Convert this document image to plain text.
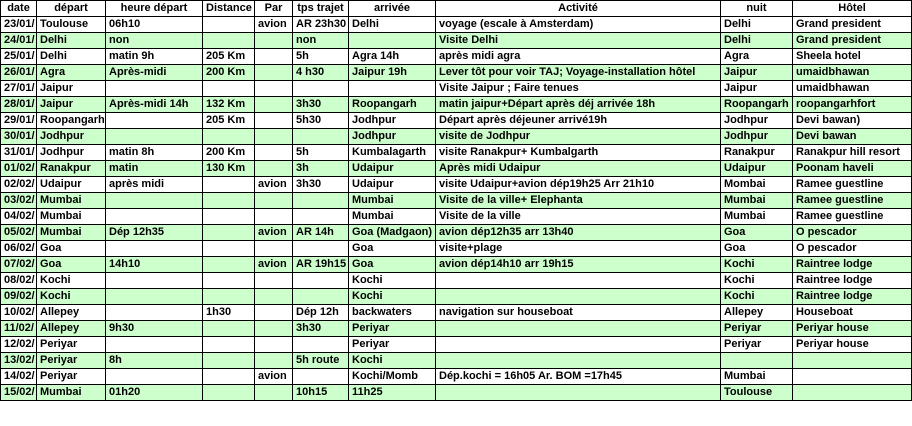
date	départ	heure départ	Distance	Par	tps trajet	arrivée	Activité	nuit	Hôtel
23/01/	Toulouse	06h10		avion	AR 23h30	Delhi	voyage (escale à Amsterdam)	Delhi	Grand president
24/01/	Delhi	non			non		Visite Delhi	Delhi	Grand president
25/01/	Delhi	matin 9h	205 Km		5h	Agra 14h	après midi agra	Agra	Sheela hotel
26/01/	Agra	Après-midi	200 Km		4 h30	Jaipur 19h	Lever tôt pour voir TAJ; Voyage-installation hôtel	Jaipur	umaidbhawan
27/01/	Jaipur						Visite Jaipur ; Faire tenues	Jaipur	umaidbhawan
28/01/	Jaipur	Après-midi 14h	132 Km		3h30	Roopangarh	matin jaipur+Départ après déj arrivée 18h	Roopangarh	roopangarhfort
29/01/	Roopangarh		205 Km		5h30	Jodhpur	Départ après déjeuner arrivé19h	Jodhpur	Devi bawan)
30/01/	Jodhpur					Jodhpur	visite de Jodhpur	Jodhpur	Devi bawan
31/01/	Jodhpur	matin 8h	200 Km		5h	Kumbalagarth	visite Ranakpur+ Kumbalgarth	Ranakpur	Ranakpur hill resort
01/02/	Ranakpur	matin	130 Km		3h	Udaipur	Après midi Udaipur	Udaipur	Poonam haveli
02/02/	Udaipur	après midi		avion	3h30	Udaipur	visite Udaipur+avion dép19h25 Arr 21h10	Mombai	Ramee guestline
03/02/	Mumbai					Mumbai	Visite de la ville+ Elephanta	Mumbai	Ramee guestline
04/02/	Mumbai					Mumbai	Visite de la ville	Mumbai	Ramee guestline
05/02/	Mumbai	Dép 12h35		avion	AR 14h	Goa (Madgaon)	avion dép12h35 arr 13h40	Goa	O pescador
06/02/	Goa					Goa	visite+plage	Goa	O pescador
07/02/	Goa	14h10		avion	AR 19h15	Goa	avion dép14h10 arr 19h15	Kochi	Raintree lodge
08/02/	Kochi					Kochi		Kochi	Raintree lodge
09/02/	Kochi					Kochi		Kochi	Raintree lodge
10/02/	Allepey		1h30		Dép 12h	backwaters	navigation sur houseboat	Allepey	Houseboat
11/02/	Allepey	9h30			3h30	Periyar		Periyar	Periyar house
12/02/	Periyar					Periyar		Periyar	Periyar house
13/02/	Periyar	8h			5h route	Kochi			
14/02/	Periyar			avion		Kochi/Momb	Dép.kochi = 16h05 Ar. BOM =17h45	Mumbai	
15/02/	Mumbai	01h20			10h15	11h25		Toulouse	
